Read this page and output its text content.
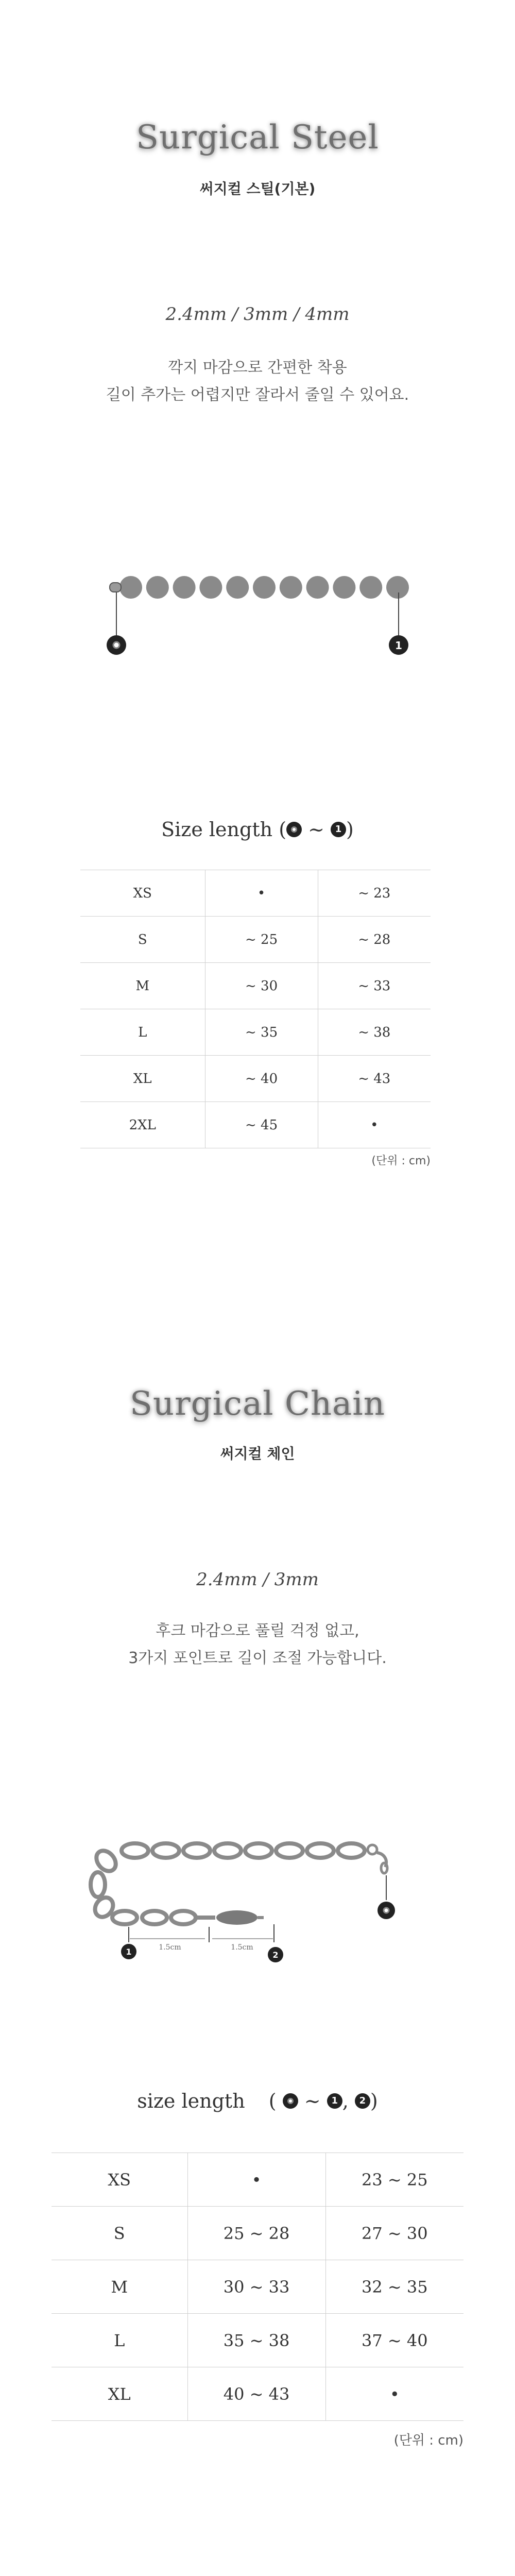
Surgical Steel
써지컬 스틸(기본)
2.4mm / 3mm / 4mm
깍지 마감으로 간편한 착용
길이 추가는 어렵지만 잘라서 줄일 수 있어요.
1
Size length ( ~ 1 )
XS	•	~ 23
S	~ 25	~ 28
M	~ 30	~ 33
L	~ 35	~ 38
XL	~ 40	~ 43
2XL	~ 45	•
(단위 : cm)
Surgical Chain
써지컬 체인
2.4mm / 3mm
후크 마감으로 풀릴 걱정 없고,
3가지 포인트로 길이 조절 가능합니다.
1.5cm	1.5cm
1	2
size length ( ~ 1 , 2 )
XS	•	23 ~ 25
S	25 ~ 28	27 ~ 30
M	30 ~ 33	32 ~ 35
L	35 ~ 38	37 ~ 40
XL	40 ~ 43	•
(단위 : cm)
